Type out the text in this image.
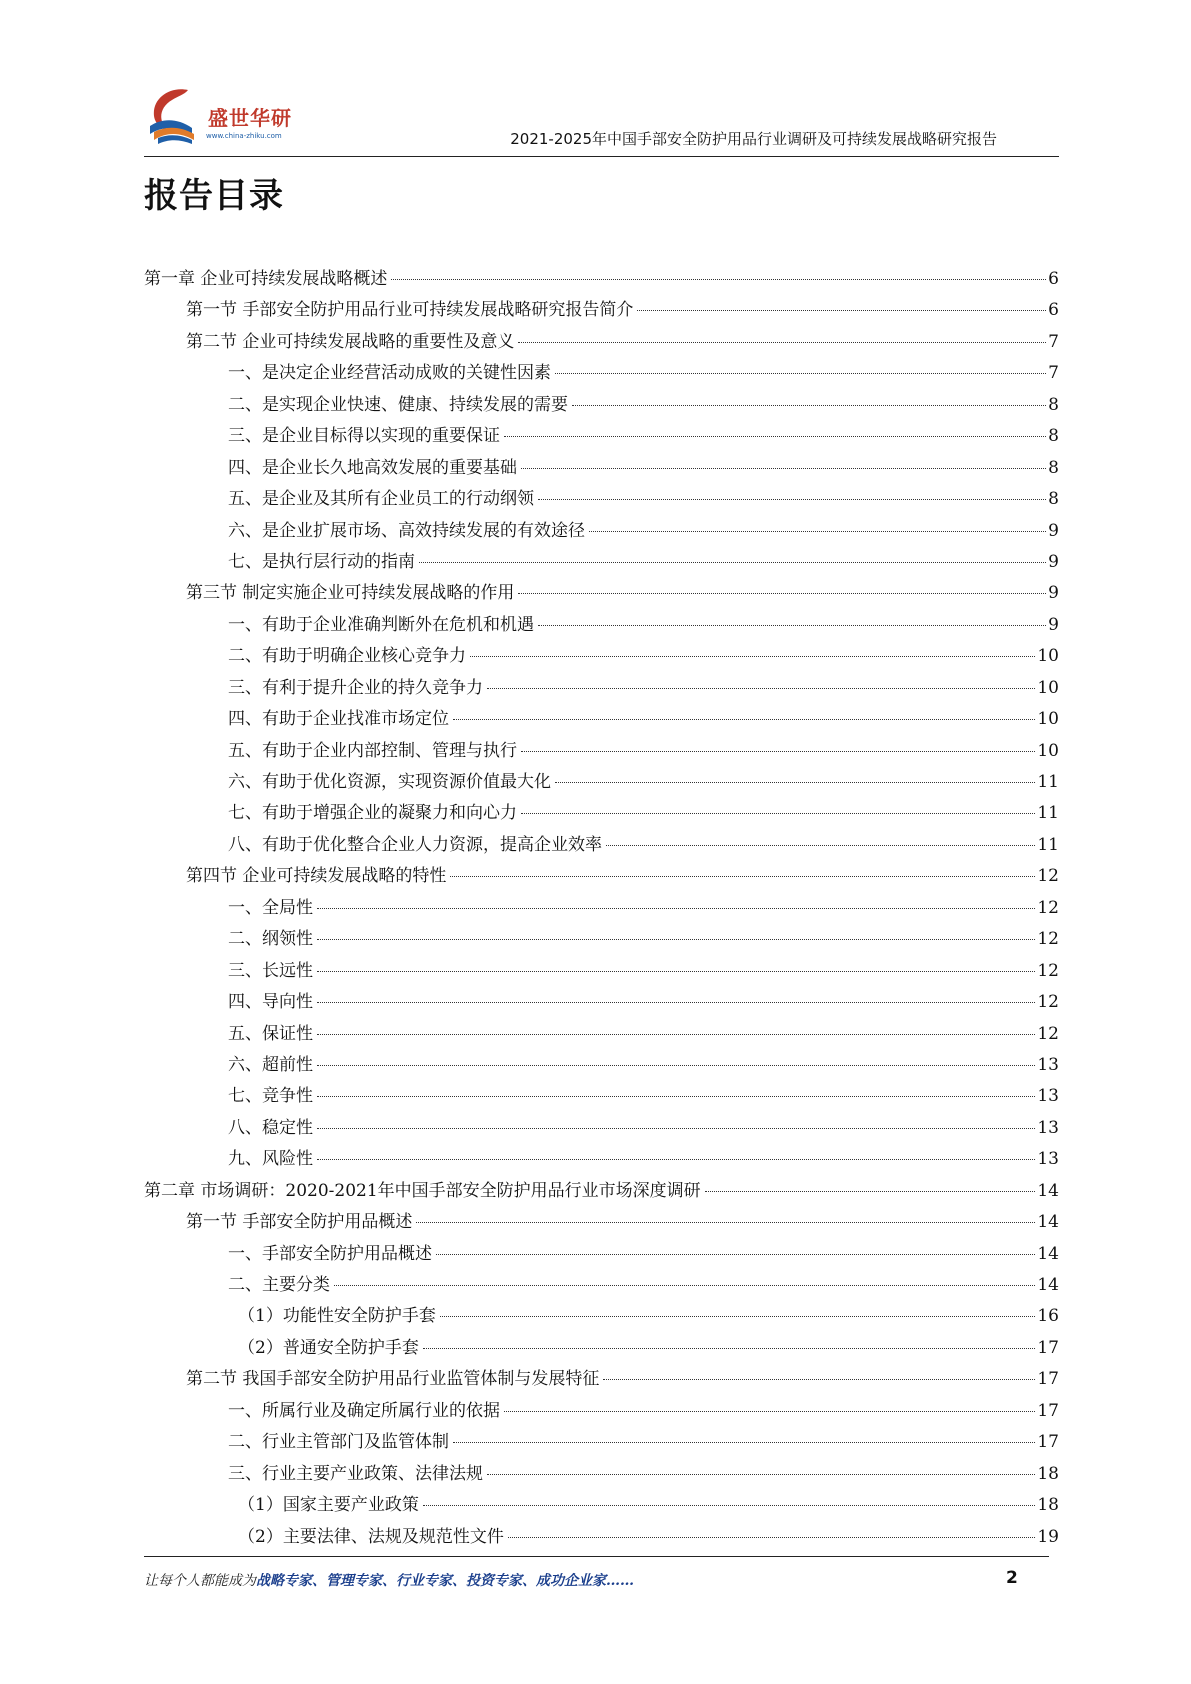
盛世华研
www.china-zhiku.com	2021-2025年中国手部安全防护用品行业调研及可持续发展战略研究报告
报告目录
第一章 企业可持续发展战略概述	6
第一节 手部安全防护用品行业可持续发展战略研究报告简介	6
第二节 企业可持续发展战略的重要性及意义	7
一、是决定企业经营活动成败的关键性因素	7
二、是实现企业快速、健康、持续发展的需要	8
三、是企业目标得以实现的重要保证	8
四、是企业长久地高效发展的重要基础	8
五、是企业及其所有企业员工的行动纲领	8
六、是企业扩展市场、高效持续发展的有效途径	9
七、是执行层行动的指南	9
第三节 制定实施企业可持续发展战略的作用	9
一、有助于企业准确判断外在危机和机遇	9
二、有助于明确企业核心竞争力	10
三、有利于提升企业的持久竞争力	10
四、有助于企业找准市场定位	10
五、有助于企业内部控制、管理与执行	10
六、有助于优化资源，实现资源价值最大化	11
七、有助于增强企业的凝聚力和向心力	11
八、有助于优化整合企业人力资源，提高企业效率	11
第四节 企业可持续发展战略的特性	12
一、全局性	12
二、纲领性	12
三、长远性	12
四、导向性	12
五、保证性	12
六、超前性	13
七、竞争性	13
八、稳定性	13
九、风险性	13
第二章 市场调研：2020-2021年中国手部安全防护用品行业市场深度调研	14
第一节 手部安全防护用品概述	14
一、手部安全防护用品概述	14
二、主要分类	14
（1）功能性安全防护手套	16
（2）普通安全防护手套	17
第二节 我国手部安全防护用品行业监管体制与发展特征	17
一、所属行业及确定所属行业的依据	17
二、行业主管部门及监管体制	17
三、行业主要产业政策、法律法规	18
（1）国家主要产业政策	18
（2）主要法律、法规及规范性文件	19
让每个人都能成为战略专家、管理专家、行业专家、投资专家、成功企业家……	2
